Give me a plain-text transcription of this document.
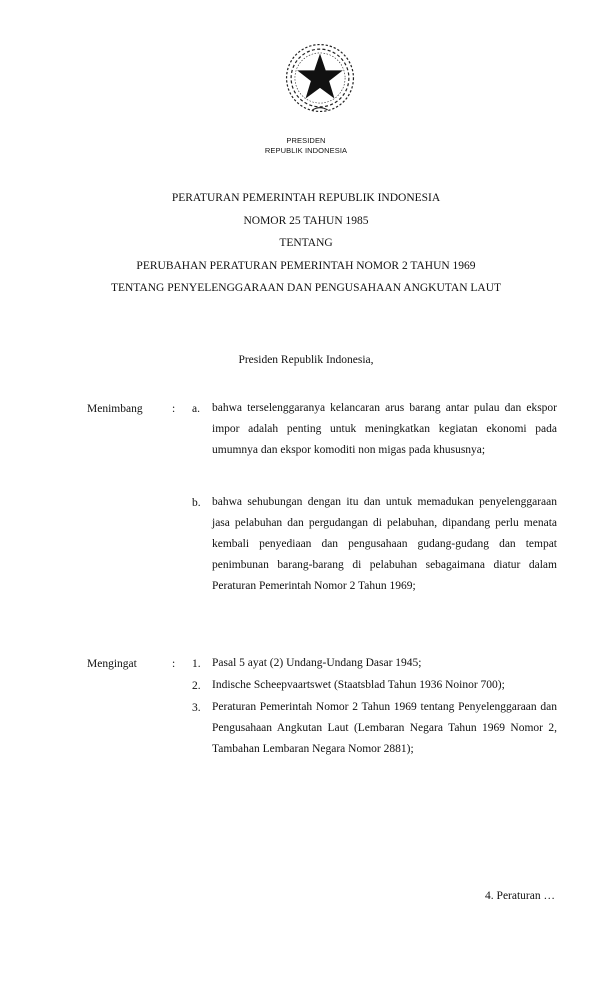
PRESIDEN
REPUBLIK INDONESIA
PERATURAN PEMERINTAH REPUBLIK INDONESIA
NOMOR 25 TAHUN 1985
TENTANG
PERUBAHAN PERATURAN PEMERINTAH NOMOR 2 TAHUN 1969
TENTANG PENYELENGGARAAN DAN PENGUSAHAAN ANGKUTAN LAUT
Presiden Republik Indonesia,
Menimbang	: a. bahwa terselenggaranya kelancaran arus barang antar pulau dan ekspor impor adalah penting untuk meningkatkan kegiatan ekonomi pada umumnya dan ekspor komoditi non migas pada khususnya;
b. bahwa sehubungan dengan itu dan untuk memadukan penyelenggaraan jasa pelabuhan dan pergudangan di pelabuhan, dipandang perlu menata kembali penyediaan dan pengusahaan gudang-gudang dan tempat penimbunan barang-barang di pelabuhan sebagaimana diatur dalam Peraturan Pemerintah Nomor 2 Tahun 1969;
Mengingat	: 1. Pasal 5 ayat (2) Undang-Undang Dasar 1945;
2. Indische Scheepvaartswet (Staatsblad Tahun 1936 Noinor 700);
3. Peraturan Pemerintah Nomor 2 Tahun 1969 tentang Penyelenggaraan dan Pengusahaan Angkutan Laut (Lembaran Negara Tahun 1969 Nomor 2, Tambahan Lembaran Negara Nomor 2881);
4. Peraturan …
